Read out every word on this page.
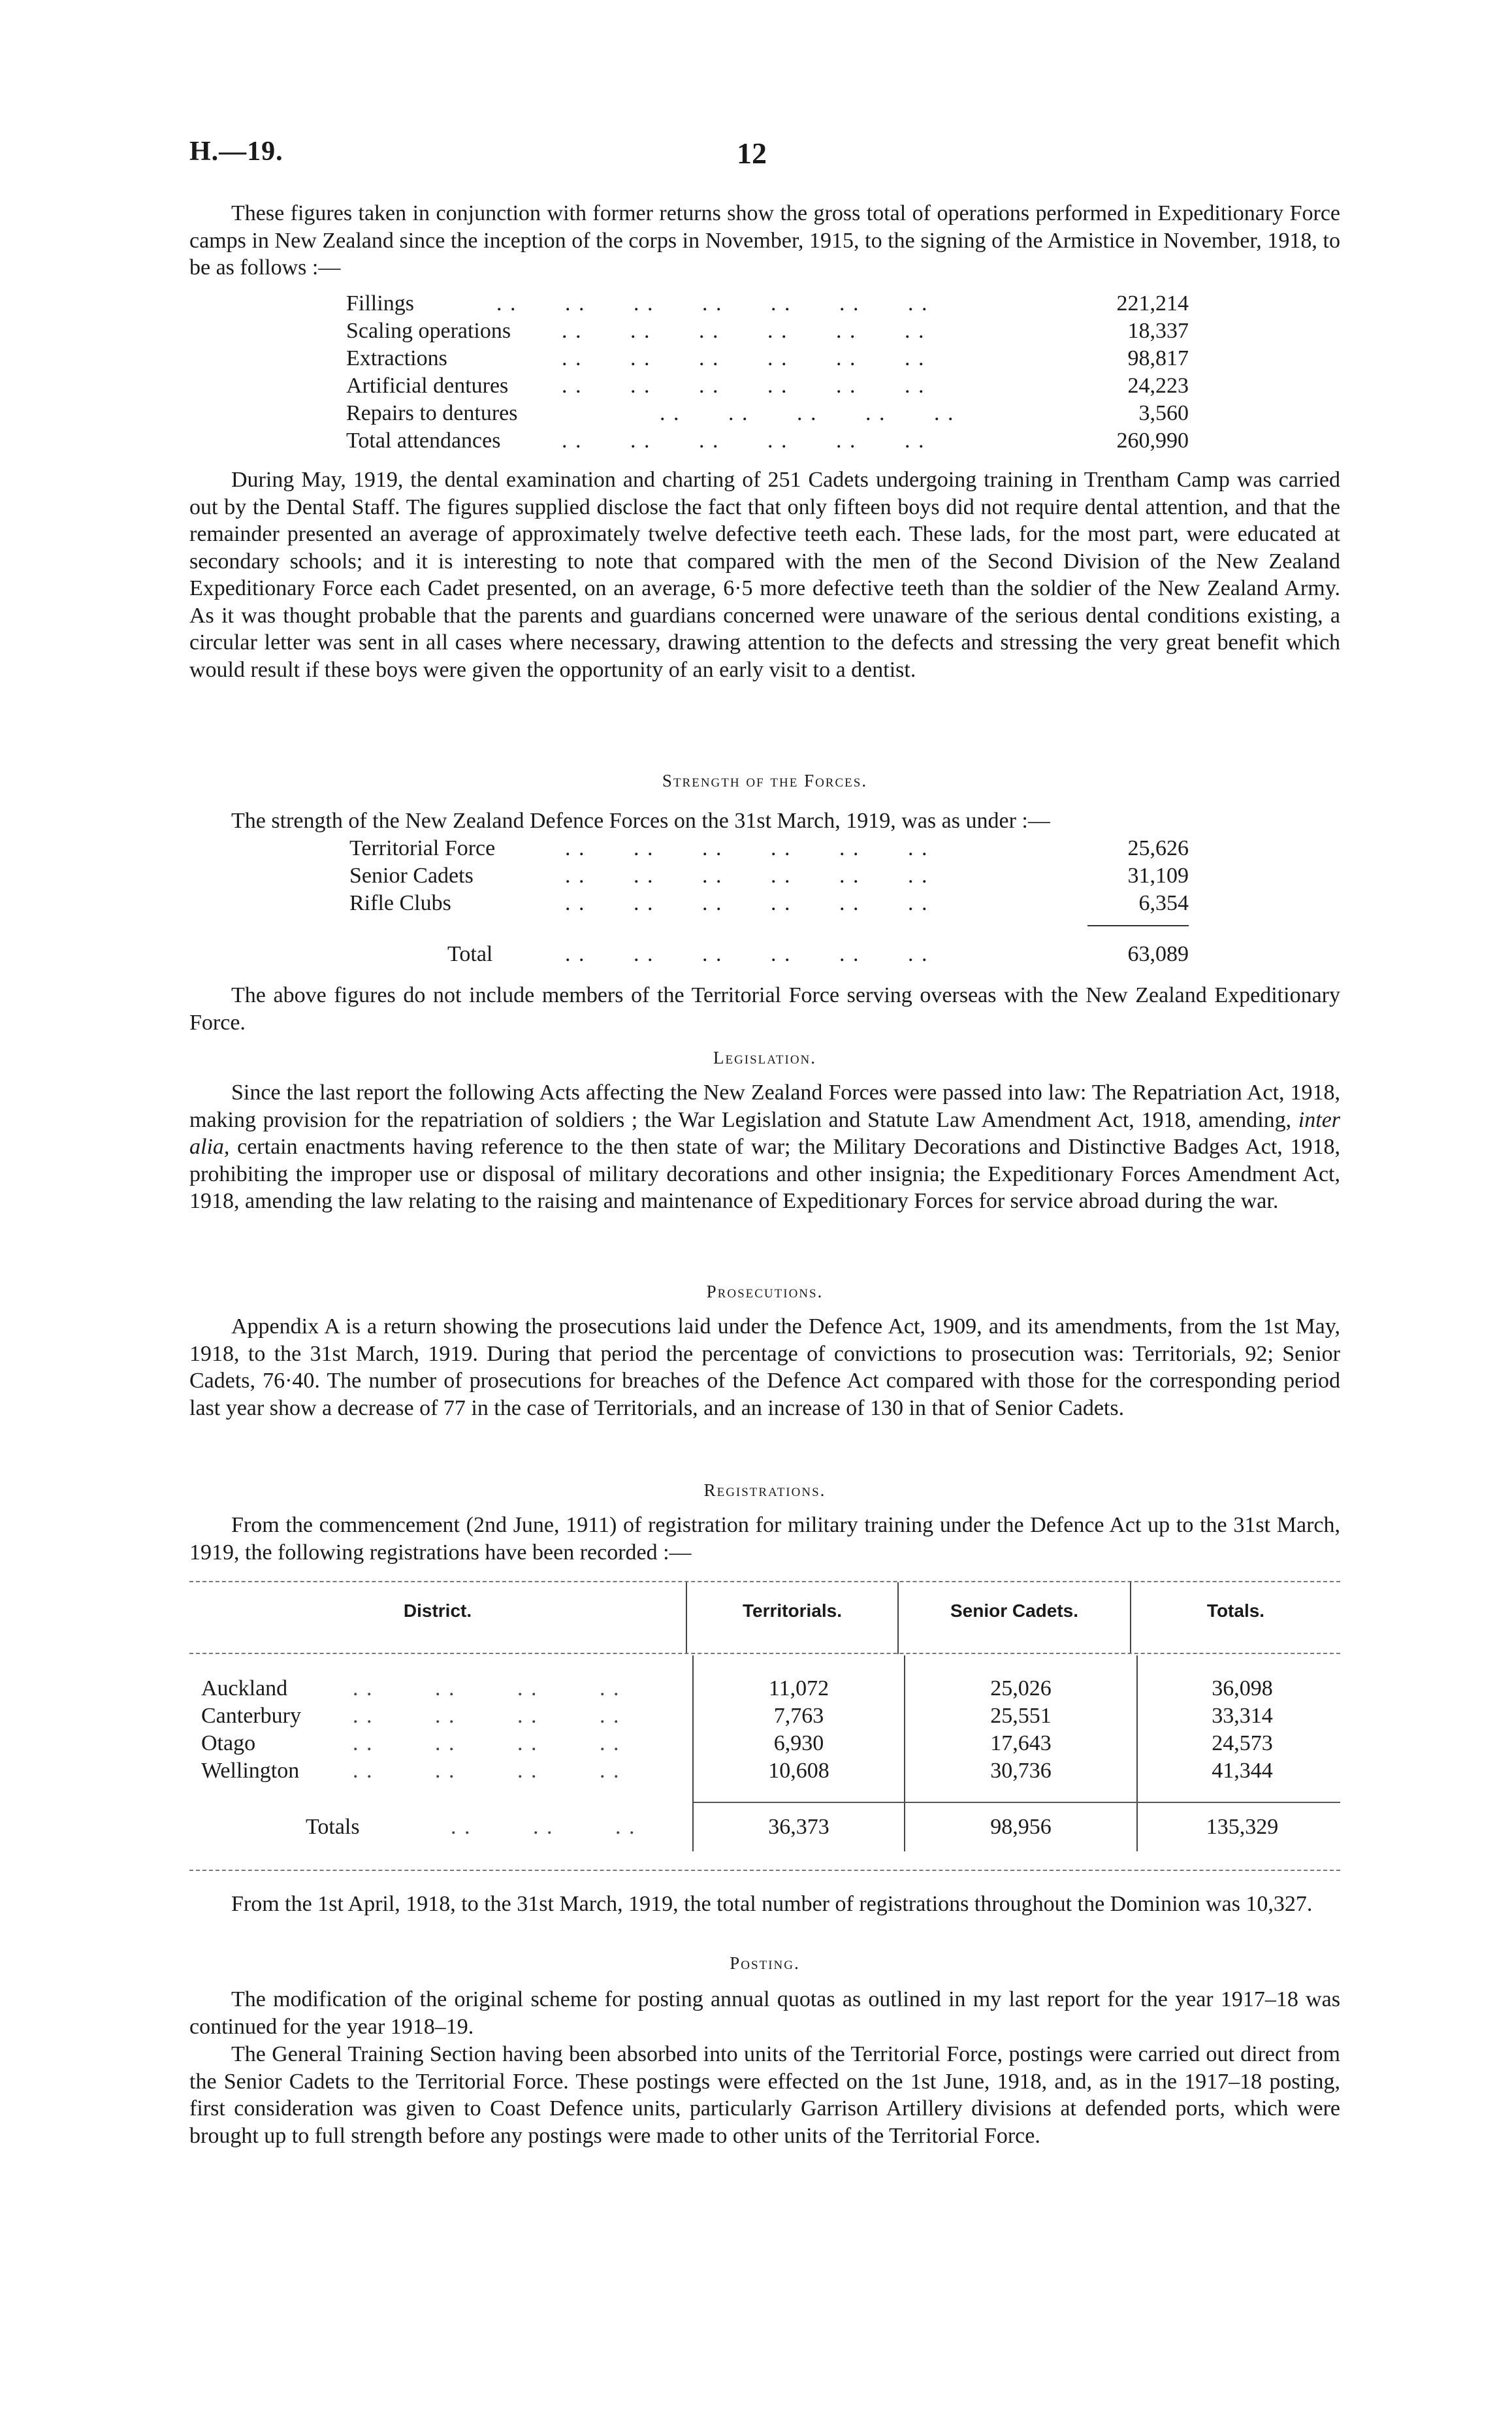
H.—19.	12
These figures taken in conjunction with former returns show the gross total of operations performed in Expeditionary Force camps in New Zealand since the inception of the corps in November, 1915, to the signing of the Armistice in November, 1918, to be as follows :—
Fillings	. .       . .       . .       . .       . .       . .       . .	221,214
Scaling operations . .       . .       . .       . .       . .       . .	18,337
Extractions	. .       . .       . .       . .       . .       . .	98,817
Artificial dentures . .       . .       . .       . .       . .       . .	24,223
Repairs to dentures	. .       . .       . .       . .       . .	3,560
Total attendances	. .       . .       . .       . .       . .       . .	260,990
During May, 1919, the dental examination and charting of 251 Cadets undergoing training in Trentham Camp was carried out by the Dental Staff. The figures supplied disclose the fact that only fifteen boys did not require dental attention, and that the remainder presented an average of approximately twelve defective teeth each. These lads, for the most part, were educated at secondary schools; and it is interesting to note that compared with the men of the Second Division of the New Zealand Expeditionary Force each Cadet presented, on an average, 6·5 more defective teeth than the soldier of the New Zealand Army. As it was thought probable that the parents and guardians concerned were unaware of the serious dental conditions existing, a circular letter was sent in all cases where necessary, drawing attention to the defects and stressing the very great benefit which would result if these boys were given the opportunity of an early visit to a dentist.
Strength of the Forces.
The strength of the New Zealand Defence Forces on the 31st March, 1919, was as under :—
Territorial Force	. .       . .       . .       . .       . .       . .	25,626
Senior Cadets	. .       . .       . .       . .       . .       . .	31,109
Rifle Clubs	. .       . .       . .       . .       . .       . .	6,354
Total	. .       . .       . .       . .       . .       . .	63,089
The above figures do not include members of the Territorial Force serving overseas with the New Zealand Expeditionary Force.
Legislation.
Since the last report the following Acts affecting the New Zealand Forces were passed into law: The Repatriation Act, 1918, making provision for the repatriation of soldiers ; the War Legislation and Statute Law Amendment Act, 1918, amending, inter alia, certain enactments having reference to the then state of war; the Military Decorations and Distinctive Badges Act, 1918, prohibiting the improper use or disposal of military decorations and other insignia; the Expeditionary Forces Amendment Act, 1918, amending the law relating to the raising and maintenance of Expeditionary Forces for service abroad during the war.
Prosecutions.
Appendix A is a return showing the prosecutions laid under the Defence Act, 1909, and its amendments, from the 1st May, 1918, to the 31st March, 1919. During that period the percentage of convictions to prosecution was: Territorials, 92; Senior Cadets, 76·40. The number of prosecutions for breaches of the Defence Act compared with those for the corresponding period last year show a decrease of 77 in the case of Territorials, and an increase of 130 in that of Senior Cadets.
Registrations.
From the commencement (2nd June, 1911) of registration for military training under the Defence Act up to the 31st March, 1919, the following registrations have been recorded :—
District.	Territorials.	Senior Cadets.	Totals.
Auckland	. .         . .         . .         . .	11,072	25,026	36,098
Canterbury . .         . .         . .         . .	7,763	25,551	33,314
Otago	. .         . .         . .         . .	6,930	17,643	24,573
Wellington . .         . .         . .         . .	10,608	30,736	41,344
Totals	. .         . .         . .	36,373	98,956	135,329
From the 1st April, 1918, to the 31st March, 1919, the total number of registrations throughout the Dominion was 10,327.
Posting.
The modification of the original scheme for posting annual quotas as outlined in my last report for the year 1917–18 was continued for the year 1918–19.
The General Training Section having been absorbed into units of the Territorial Force, postings were carried out direct from the Senior Cadets to the Territorial Force. These postings were effected on the 1st June, 1918, and, as in the 1917–18 posting, first consideration was given to Coast Defence units, particularly Garrison Artillery divisions at defended ports, which were brought up to full strength before any postings were made to other units of the Territorial Force.
